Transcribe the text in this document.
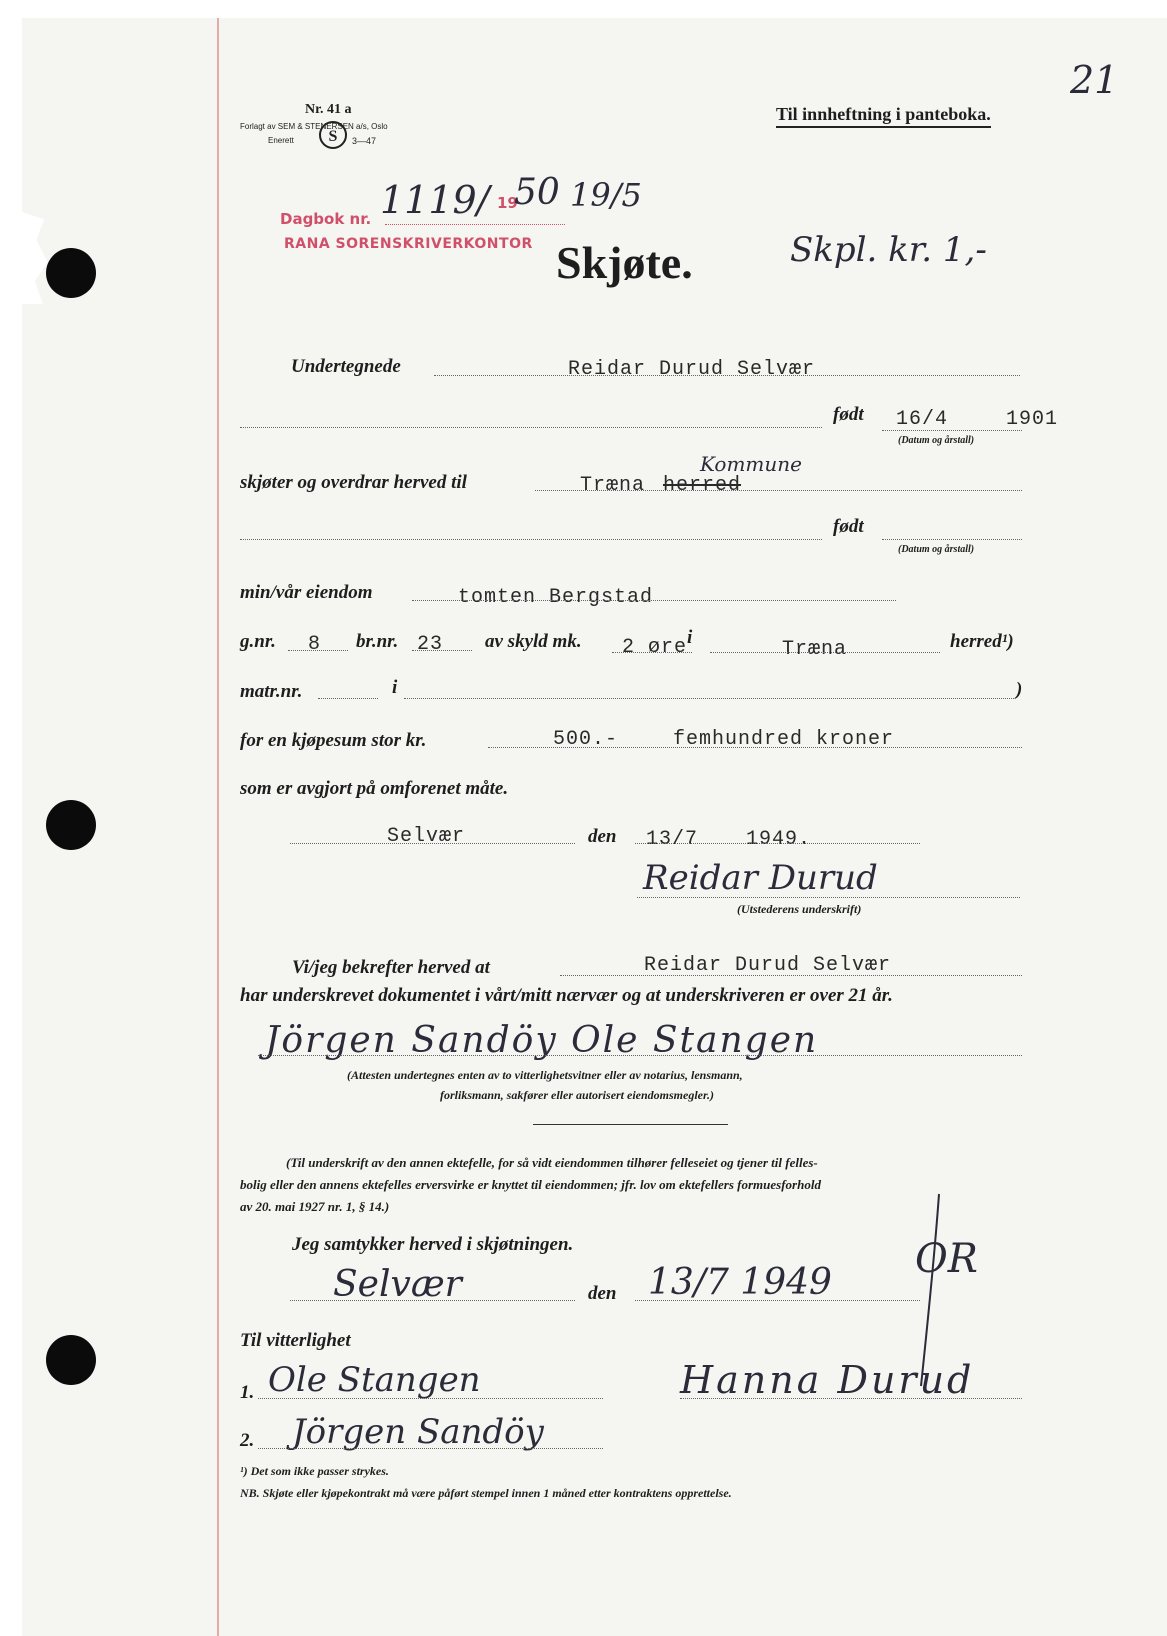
Nr. 41 a
Forlagt av SEM & STENERSEN a/s, Oslo
Enerett S 3—47
Til innheftning i panteboka.
21
Dagbok nr. 1119/ 19
50 19/5
RANA SORENSKRIVERKONTOR Skjøte.	Skpl. kr. 1,-
Undertegnede	Reidar Durud Selvær
født 16/4	1901
(Datum og årstall)
skjøter og overdrar herved til	Træna herred
Kommune
født
(Datum og årstall)
min/vår eiendom	tomten Bergstad
g.nr. 8 br.nr. 23 av skyld mk. 2 øre i
Træna	herred¹)
matr.nr.	i	)
for en kjøpesum stor kr.	500.-	femhundred kroner
som er avgjort på omforenet måte.
Selvær	den 13/7 1949.
Reidar Durud
(Utstederens underskrift)
Vi/jeg bekrefter herved at	Reidar Durud Selvær
har underskrevet dokumentet i vårt/mitt nærvær og at underskriveren er over 21 år.
Jörgen Sandöy Ole Stangen
(Attesten undertegnes enten av to vitterlighetsvitner eller av notarius, lensmann,
forliksmann, sakfører eller autorisert eiendomsmegler.)
(Til underskrift av den annen ektefelle, for så vidt eiendommen tilhører felleseiet og tjener til felles-
bolig eller den annens ektefelles erversvirke er knyttet til eiendommen; jfr. lov om ektefellers formuesforhold
av 20. mai 1927 nr. 1, § 14.)
Jeg samtykker herved i skjøtningen.
Selvær	den 13/7 1949
OR
Til vitterlighet
1. Ole Stangen	Hanna Durud
2. Jörgen Sandöy
¹) Det som ikke passer strykes.
NB. Skjøte eller kjøpekontrakt må være påført stempel innen 1 måned etter kontraktens opprettelse.
